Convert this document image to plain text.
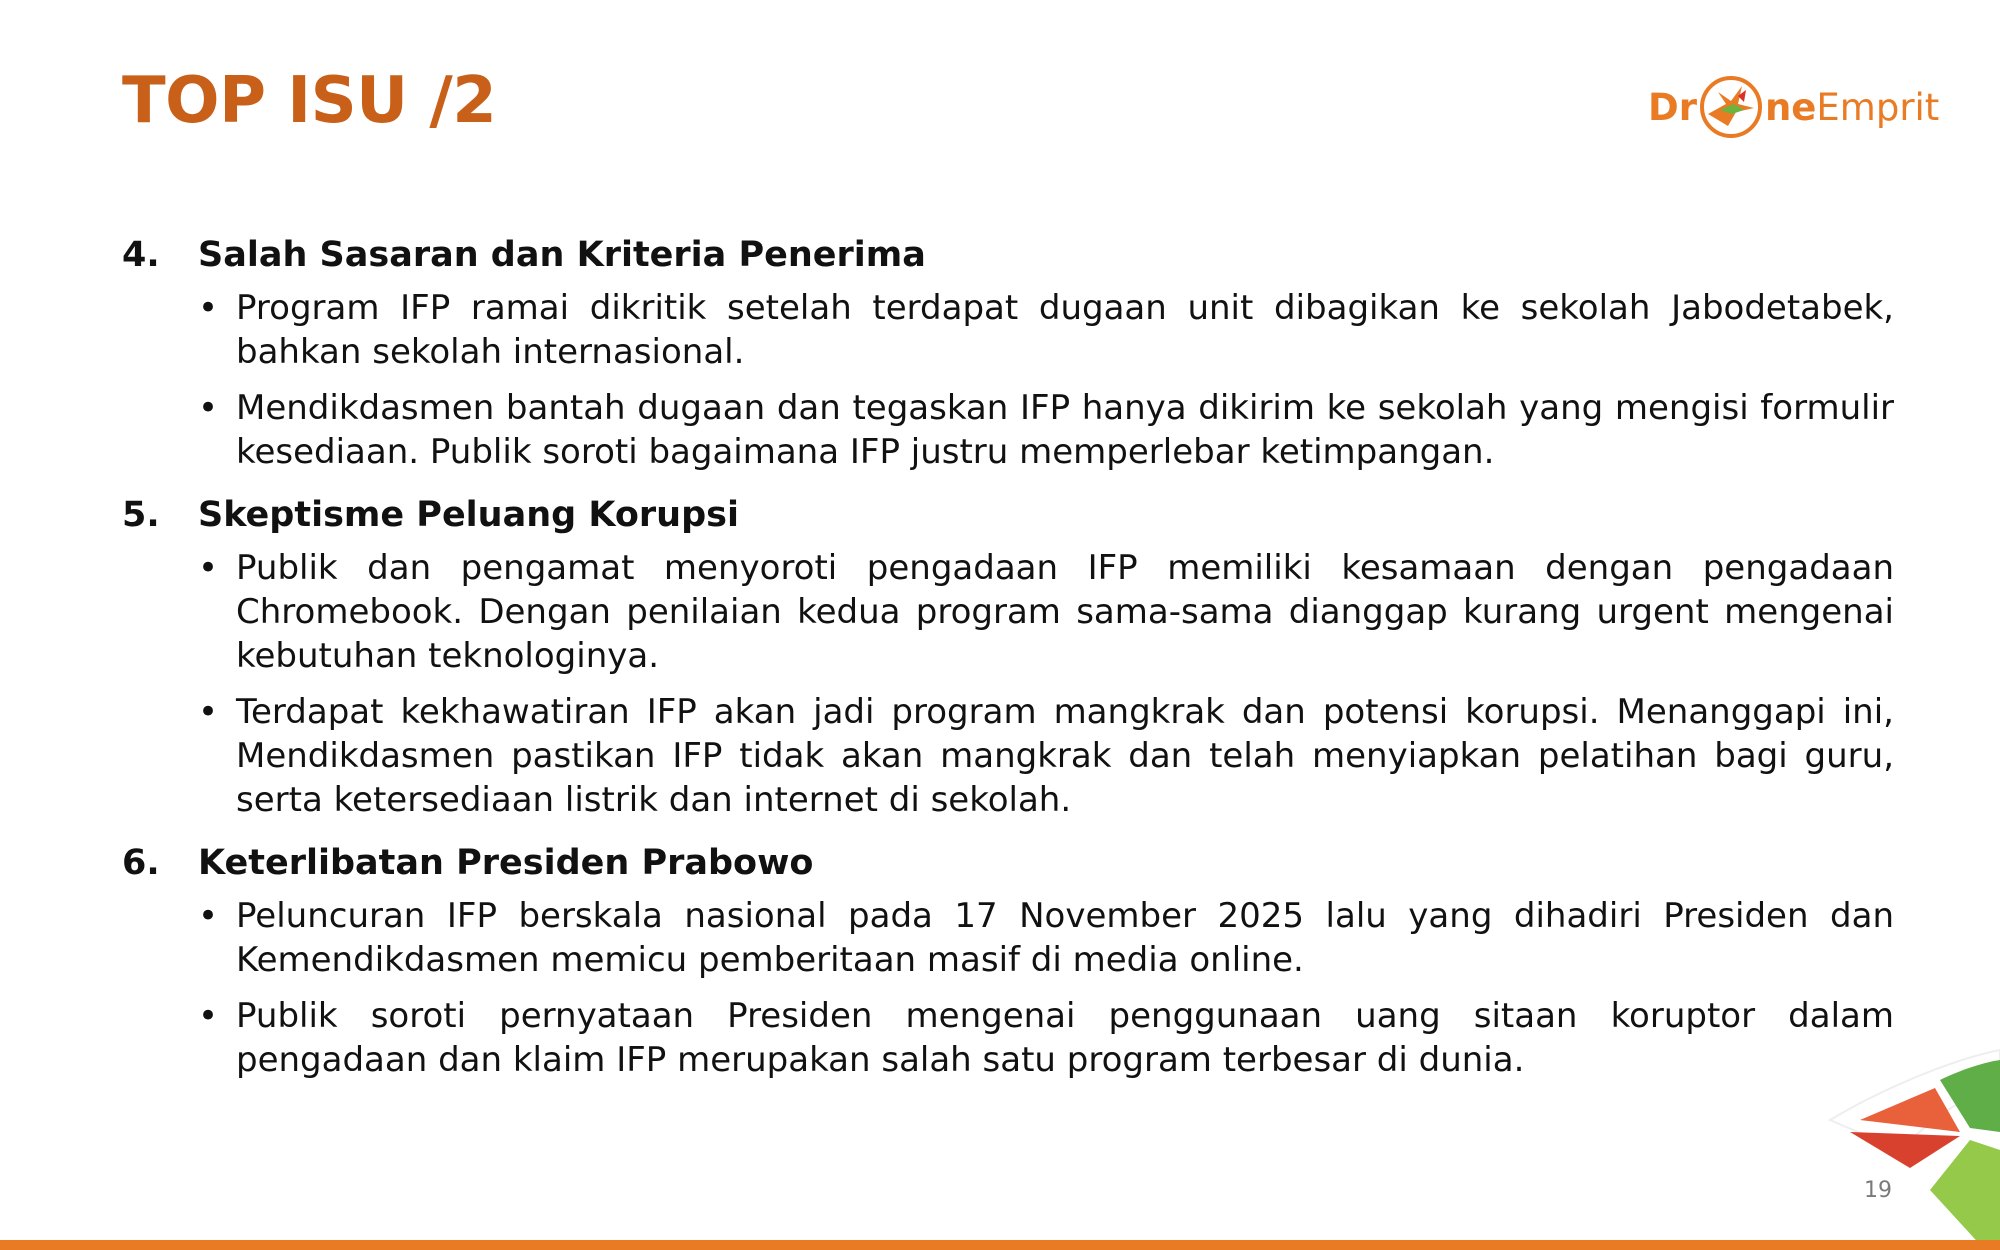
TOP ISU /2	Dr ne Emprit
4.	Salah Sasaran dan Kriteria Penerima
• Program IFP ramai dikritik setelah terdapat dugaan unit dibagikan ke sekolah Jabodetabek, bahkan sekolah internasional.
• Mendikdasmen bantah dugaan dan tegaskan IFP hanya dikirim ke sekolah yang mengisi formulir kesediaan. Publik soroti bagaimana IFP justru memperlebar ketimpangan.
5.	Skeptisme Peluang Korupsi
• Publik dan pengamat menyoroti pengadaan IFP memiliki kesamaan dengan pengadaan Chromebook. Dengan penilaian kedua program sama-sama dianggap kurang urgent mengenai kebutuhan teknologinya.
• Terdapat kekhawatiran IFP akan jadi program mangkrak dan potensi korupsi. Menanggapi ini, Mendikdasmen pastikan IFP tidak akan mangkrak dan telah menyiapkan pelatihan bagi guru, serta ketersediaan listrik dan internet di sekolah.
6.	Keterlibatan Presiden Prabowo
• Peluncuran IFP berskala nasional pada 17 November 2025 lalu yang dihadiri Presiden dan Kemendikdasmen memicu pemberitaan masif di media online.
• Publik soroti pernyataan Presiden mengenai penggunaan uang sitaan koruptor dalam pengadaan dan klaim IFP merupakan salah satu program terbesar di dunia.
19
